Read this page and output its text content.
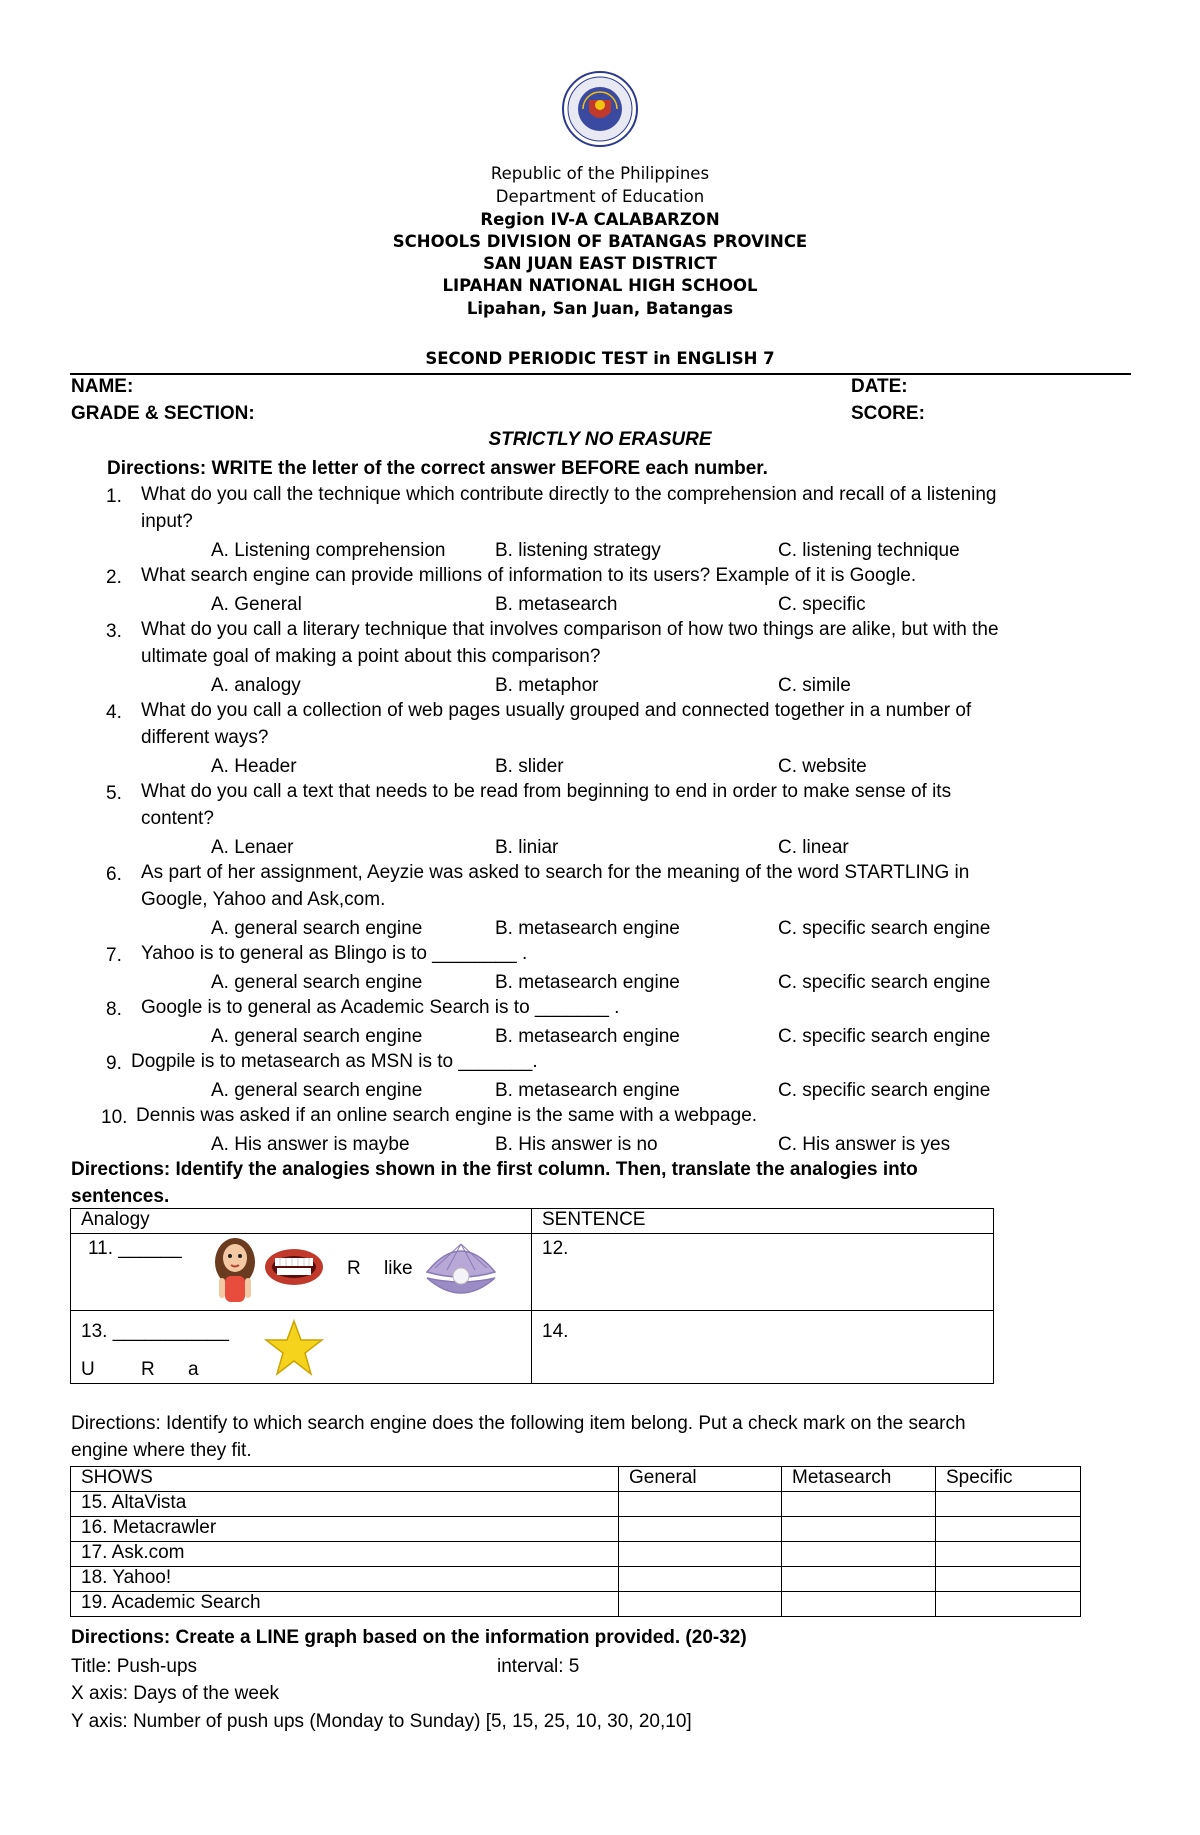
Republic of the Philippines
Department of Education
Region IV-A CALABARZON
SCHOOLS DIVISION OF BATANGAS PROVINCE
SAN JUAN EAST DISTRICT
LIPAHAN NATIONAL HIGH SCHOOL
Lipahan, San Juan, Batangas
SECOND PERIODIC TEST in ENGLISH 7
NAME:	DATE:
GRADE & SECTION:	SCORE:
STRICTLY NO ERASURE
Directions: WRITE the letter of the correct answer BEFORE each number.
1. What do you call the technique which contribute directly to the comprehension and recall of a listening
input?
A. Listening comprehension	B. listening strategy	C. listening technique
2. What search engine can provide millions of information to its users? Example of it is Google.
A. General	B. metasearch	C. specific
3. What do you call a literary technique that involves comparison of how two things are alike, but with the
ultimate goal of making a point about this comparison?
A. analogy	B. metaphor	C. simile
4. What do you call a collection of web pages usually grouped and connected together in a number of
different ways?
A. Header	B. slider	C. website
5. What do you call a text that needs to be read from beginning to end in order to make sense of its
content?
A. Lenaer	B. liniar	C. linear
6. As part of her assignment, Aeyzie was asked to search for the meaning of the word STARTLING in
Google, Yahoo and Ask,com.
A. general search engine	B. metasearch engine	C. specific search engine
7. Yahoo is to general as Blingo is to ________ .
A. general search engine	B. metasearch engine	C. specific search engine
8. Google is to general as Academic Search is to _______ .
A. general search engine	B. metasearch engine	C. specific search engine
9. Dogpile is to metasearch as MSN is to _______.
A. general search engine	B. metasearch engine	C. specific search engine
10. Dennis was asked if an online search engine is the same with a webpage.
A. His answer is maybe	B. His answer is no	C. His answer is yes
Directions: Identify the analogies shown in the first column. Then, translate the analogies into
sentences.
Analogy	SENTENCE

11. ______
R like	12.

13. ___________
U R a	14.
Directions: Identify to which search engine does the following item belong. Put a check mark on the search
engine where they fit.
SHOWS	General	Metasearch	Specific
15. AltaVista			
16. Metacrawler			
17. Ask.com			
18. Yahoo!			
19. Academic Search			
Directions: Create a LINE graph based on the information provided. (20-32)
Title: Push-ups	interval: 5
X axis: Days of the week
Y axis: Number of push ups (Monday to Sunday) [5, 15, 25, 10, 30, 20,10]
